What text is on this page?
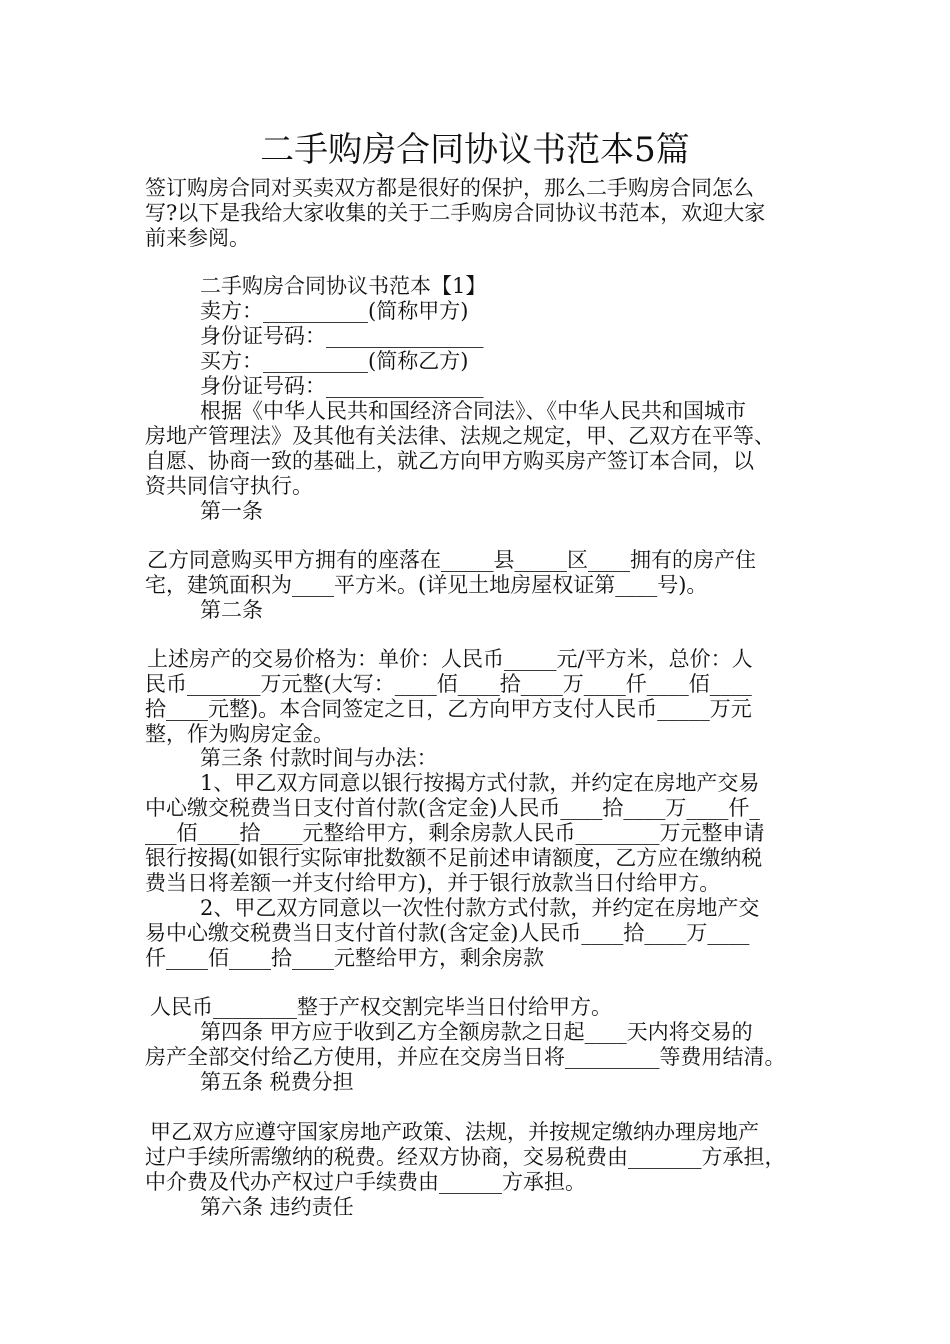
二手购房合同协议书范本5篇
签订购房合同对买卖双方都是很好的保护，那么二手购房合同怎么
写?以下是我给大家收集的关于二手购房合同协议书范本，欢迎大家
前来参阅。
二手购房合同协议书范本【1】
卖方：__________(简称甲方)
身份证号码：_______________
买方：__________(简称乙方)
身份证号码：_______________
根据《中华人民共和国经济合同法》、《中华人民共和国城市
房地产管理法》及其他有关法律、法规之规定，甲、乙双方在平等、
自愿、协商一致的基础上，就乙方向甲方购买房产签订本合同，以
资共同信守执行。
第一条
乙方同意购买甲方拥有的座落在_____县_____区____拥有的房产住
宅，建筑面积为____平方米。(详见土地房屋权证第____号)。
第二条
上述房产的交易价格为：单价：人民币_____元/平方米，总价：人
民币_______万元整(大写：____佰____拾____万____仟____佰____
拾____元整)。本合同签定之日，乙方向甲方支付人民币_____万元
整，作为购房定金。
第三条 付款时间与办法：
1、甲乙双方同意以银行按揭方式付款，并约定在房地产交易
中心缴交税费当日支付首付款(含定金)人民币____拾____万____仟_
___佰____拾____元整给甲方，剩余房款人民币________万元整申请
银行按揭(如银行实际审批数额不足前述申请额度，乙方应在缴纳税
费当日将差额一并支付给甲方)，并于银行放款当日付给甲方。
2、甲乙双方同意以一次性付款方式付款，并约定在房地产交
易中心缴交税费当日支付首付款(含定金)人民币____拾____万____
仟____佰____拾____元整给甲方，剩余房款
人民币________整于产权交割完毕当日付给甲方。
第四条 甲方应于收到乙方全额房款之日起____天内将交易的
房产全部交付给乙方使用，并应在交房当日将_________等费用结清。
第五条 税费分担
甲乙双方应遵守国家房地产政策、法规，并按规定缴纳办理房地产
过户手续所需缴纳的税费。经双方协商，交易税费由_______方承担，
中介费及代办产权过户手续费由______方承担。
第六条 违约责任
